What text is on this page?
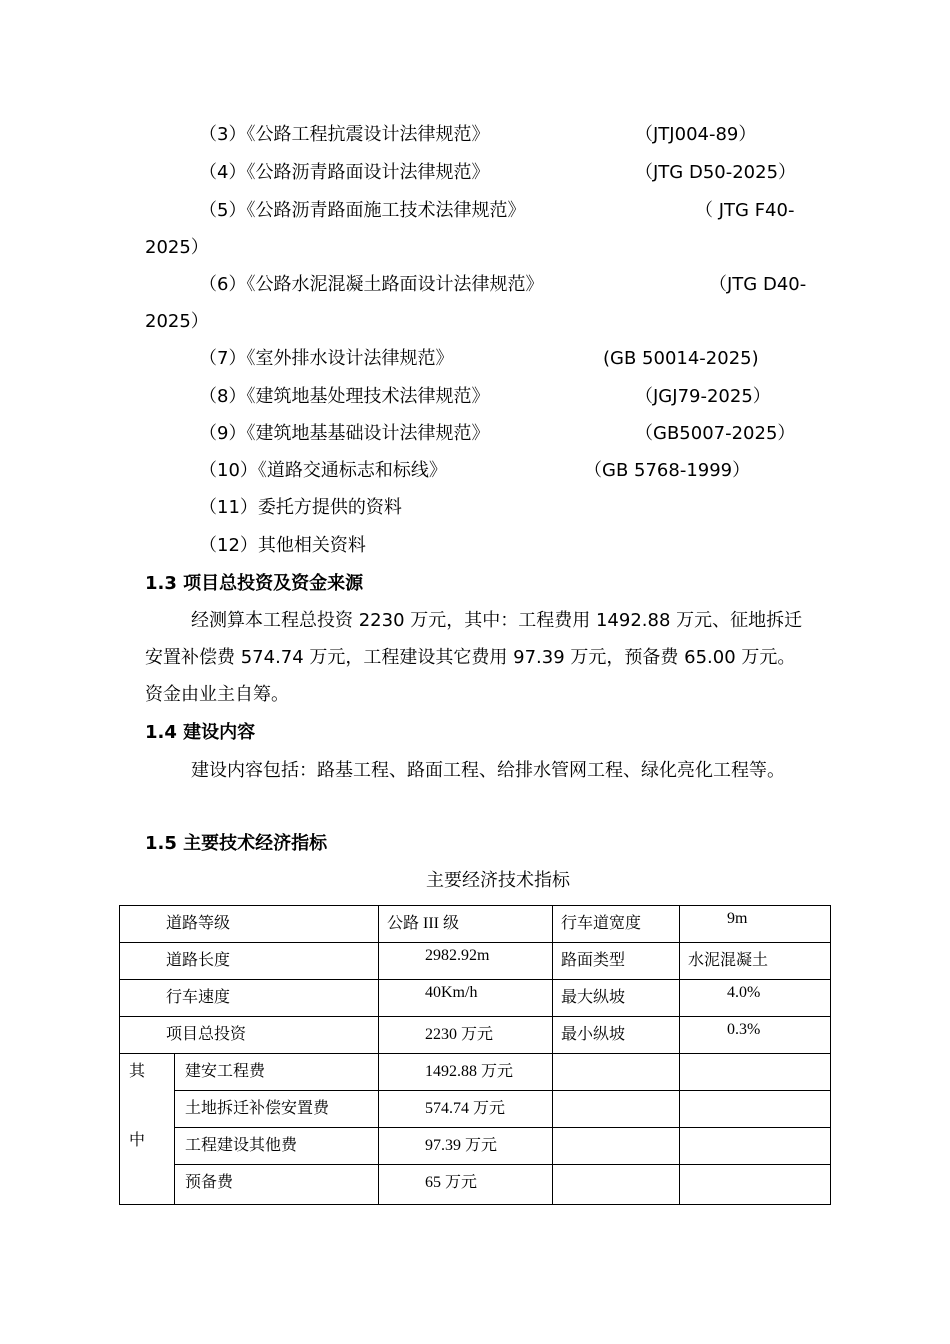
（3）《公路工程抗震设计法律规范》	（JTJ004-89）
（4）《公路沥青路面设计法律规范》	（JTG D50-2025）
（5）《公路沥青路面施工技术法律规范》	（ JTG F40-
2025）
（6）《公路水泥混凝土路面设计法律规范》	（JTG D40-
2025）
（7）《室外排水设计法律规范》	(GB 50014-2025)
（8）《建筑地基处理技术法律规范》	（JGJ79-2025）
（9）《建筑地基基础设计法律规范》	（GB5007-2025）
（10）《道路交通标志和标线》	（GB 5768-1999）
（11）委托方提供的资料
（12）其他相关资料
1.3 项目总投资及资金来源
经测算本工程总投资 2230 万元，其中：工程费用 1492.88 万元、征地拆迁安置补偿费 574.74 万元，工程建设其它费用 97.39 万元，预备费 65.00 万元。资金由业主自筹。
1.4 建设内容
建设内容包括：路基工程、路面工程、给排水管网工程、绿化亮化工程等。
1.5 主要技术经济指标
主要经济技术指标
道路等级		公路 III 级	行车道宽度	9m

道路长度		2982.92m	路面类型	水泥混凝土

行车速度		40Km/h	最大纵坡	4.0%

项目总投资		2230 万元	最小纵坡	0.3%

其
中	建安工程费	1492.88 万元		

	土地拆迁补偿安置费	574.74 万元		

	工程建设其他费	97.39 万元		

	预备费	65 万元		
